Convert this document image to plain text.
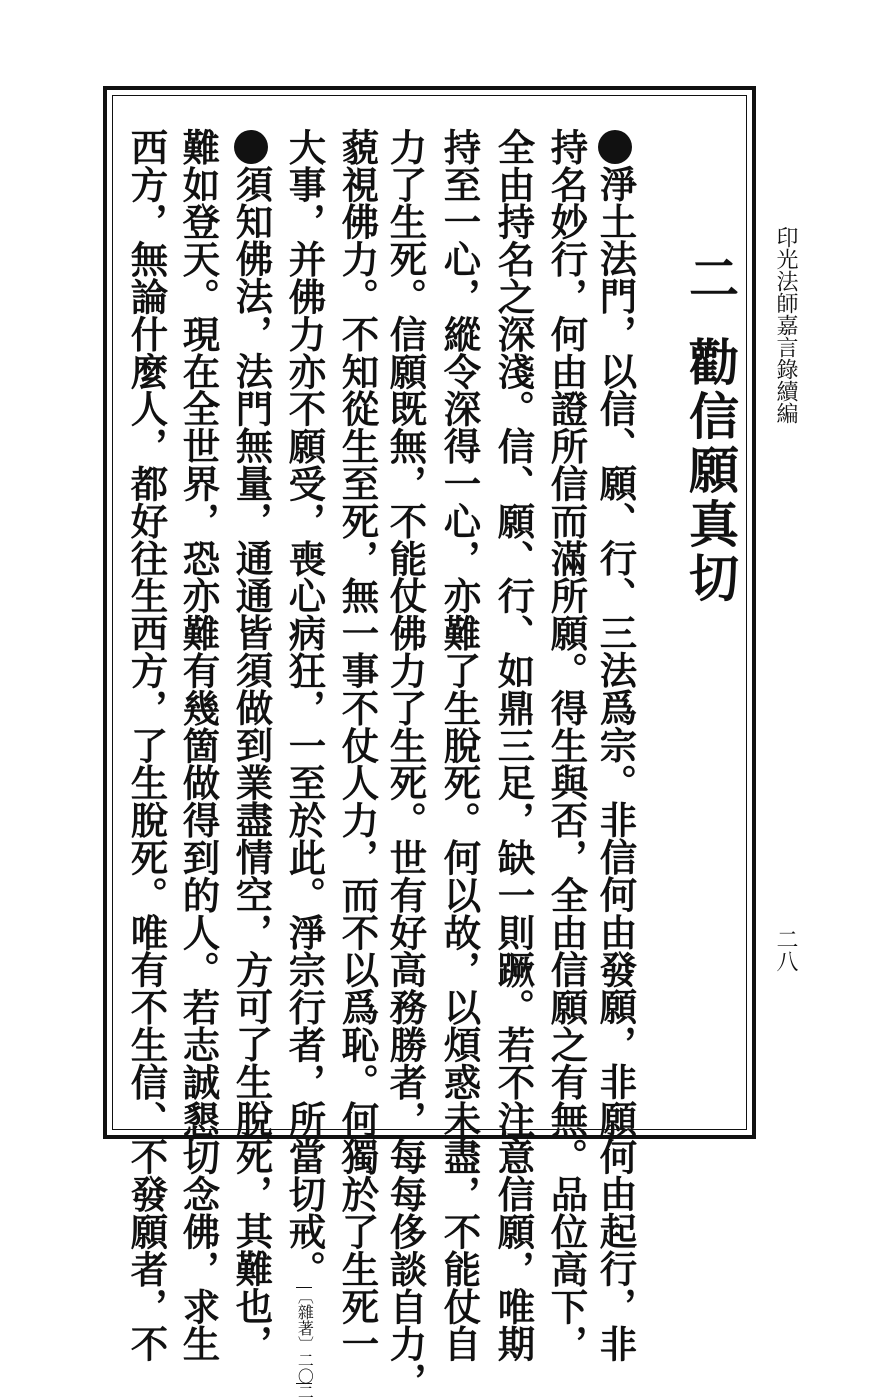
印光法師嘉言錄續編
二八
二勸信願真切
淨土法門，以信、願、行、三法爲宗。非信何由發願，非願何由起行，非
持名妙行，何由證所信而滿所願。得生與否，全由信願之有無。品位高下，
全由持名之深淺。信、願、行、如鼎三足，缺一則蹶。若不注意信願，唯期
持至一心，縱令深得一心，亦難了生脫死。何以故，以煩惑未盡，不能仗自
力了生死。信願既無，不能仗佛力了生死。世有好高務勝者，每每侈談自力，
藐視佛力。不知從生至死，無一事不仗人力，而不以爲恥。何獨於了生死一
大事，并佛力亦不願受，喪心病狂，一至於此。淨宗行者，所當切戒。〔雜著〕二〇二
須知佛法，法門無量，通通皆須做到業盡情空，方可了生脫死，其難也，
難如登天。現在全世界，恐亦難有幾箇做得到的人。若志誠懇切念佛，求生
西方，無論什麼人，都好往生西方，了生脫死。唯有不生信、不發願者，不
